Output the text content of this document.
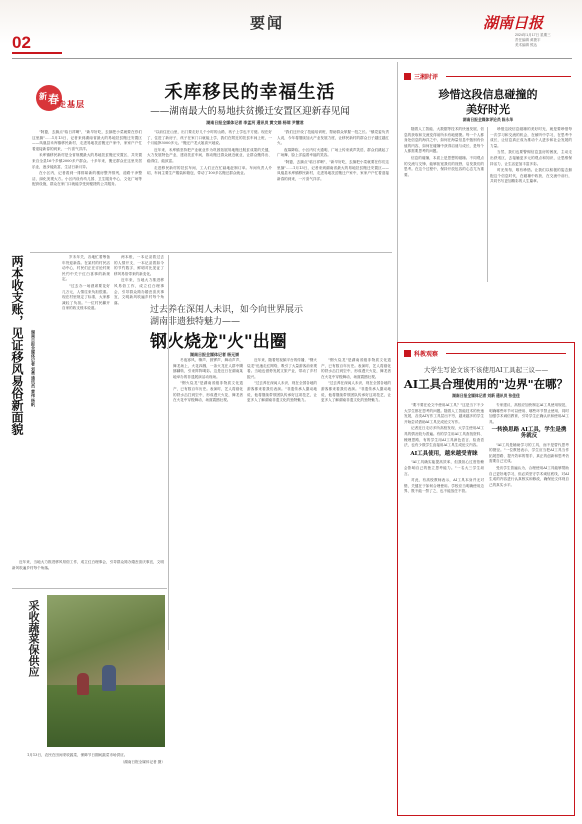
02
要闻	湖南日报
2024年1月17日 星期三
责任编辑 黄捷宇
美术编辑 熊达
新 春 走 基 层
禾库移民的幸福生活
——湖南最大的易地扶贫搬迁安置区迎新春见闻
湖南日报全媒体记者 李孟河 通讯员 黄文娟 杨琼 尹慧君

"阿婆，去摘点"临日祥啊"，"新早好吃，去摘把小菜就要在你们这里摘"......1月13日，记者来到湖南省最大的易地扶贫搬迁安置区——凤凰县禾库镇移民新村，走进易地扶贫搬迁户家中，家家户户忙着迎接新春的到来，一片喜气洋洋。

禾库镇移民新村是全省规模最大的易地扶贫搬迁安置区，共安置来自全县16个乡镇2000多户群众。十多年来，搬迁群众在这里安居乐业，逐步能致富，生活日新月异。

在小区内，记者看到一排排崭新的楼房整齐排列，道路干净整洁，绿化美观大方。小区内设有幼儿园、卫生服务中心、文化广场等配套设施，群众在家门口就能享受到便捷的公共服务。

"以前住在山里，出门要走好几个小时的山路，孩子上学也不方便。现在好了，住进了新房子，孩子在家门口就能上学，我们在附近的扶贫车间上班，一个月能挣3000多元。"搬迁户龙大姐高兴地说。

近年来，禾库镇坚持把产业就业作为巩固拓展易地搬迁脱贫成果的关键，大力发展特色产业，建设扶贫车间，推动搬迁群众就近就业，让群众搬得出、稳得住、能致富。

走进移民新村的扶贫车间，工人们正在忙碌地赶制订单。车间负责人介绍，车间主要生产服装和箱包，带动了100多名搬迁群众就业。

"我们还开设了技能培训班，帮助群众掌握一技之长。"镇党委负责人说，今年将继续加大产业发展力度，让移民新村的群众日子越过越红火。

夜幕降临，小区内灯火通明，广场上传来欢声笑语，群众们跳起了广场舞，脸上洋溢着幸福的笑容。

"阿婆，去摘点"临日祥啊"，"新早好吃，去摘把小菜就要在你们这里摘"......1月13日，记者来到湖南省最大的易地扶贫搬迁安置区——凤凰县禾库镇移民新村，走进易地扶贫搬迁户家中，家家户户忙着迎接新春的到来，一片喜气洋洋。

三湘时评
珍惜这段信息碰撞的
美好时光
湖南日报全媒体评论员 陈永华

随着人工智能、大数据等技术的快速发展，信息的获取和交流变得前所未有地便捷。每一个人都身处信息的海洋之中，如何在海量信息中甄别有价值的内容，如何在碰撞中获得启迪与成长，是每个人都需要思考的问题。

信息的碰撞，本质上是思想的碰撞。不同观点的交流与交锋，能够拓宽我们的视野，启发我们的思考。在这个过程中，保持开放包容的心态尤为重要。

珍惜这段信息碰撞的美好时光，就是要珍惜每一次学习和交流的机会，在倾听中学习，在思考中成长，让信息真正成为推动个人进步和社会发展的力量。

当然，我们也要警惕信息茧房的困扰，主动走出舒适区，去接触更多元的观点和知识，让思维保持活力，让生活更加丰富多彩。

时光匆匆，唯有珍惜。让我们以积极的姿态拥抱这个信息时代，在碰撞中收获，在交流中前行，共同书写更加精彩的人生篇章。

过去养在深闺人未识，如今向世界展示
湖南非遗独特魅力——
钢火烧龙"火"出圈
湖南日报全媒体记者 杨元崇

冬夜寒风，嘶声，鼓锣声，舞动声声，舞龙场上，火花四溅，一条火龙在人群中腾挪翻转，引来阵阵喝彩。这是近日在湖南某地举办的非遗展演活动现场。

"钢火烧龙"是湖南省级非物质文化遗产，已有数百年历史。表演时，艺人将熔化的铁水击打到空中，形成漫天火花，舞龙者在火花中穿梭舞动，场面震撼壮观。

近年来，随着短视频平台的传播，"钢火烧龙"迅速走红网络，吸引了大量游客前来观看。当地也借势发展文旅产业，带动了乡村振兴。

"过去养在深闺人未识，现在全国各地的游客都来看我们表演。"非遗传承人激动地说，他将继续带领团队传承好这项技艺，让更多人了解湖南非遗文化的独特魅力。

"钢火烧龙"是湖南省级非物质文化遗产，已有数百年历史。表演时，艺人将熔化的铁水击打到空中，形成漫天火花，舞龙者在火花中穿梭舞动，场面震撼壮观。

"过去养在深闺人未识，现在全国各地的游客都来看我们表演。"非遗传承人激动地说，他将继续带领团队传承好这项技艺，让更多人了解湖南非遗文化的独特魅力。

两本收支账，见证移风易俗新面貌 湖南日报全媒体记者 刘勇 通讯员 黄伟 杨帆

岁末年关，各地忙着筹备年货迎新春。在某村的村民活动中心，村民们正在讨论村规民约中关于红白喜事的新规定。

"过去办一场酒席要花好几万元，人情往来负担很重。现在村里规定了标准，大家都减轻了负担。"一位村民翻开自家的收支账本说道。

两本账，一本记录着过去的人情开支，一本记录着如今的节约数字，鲜明对比见证了移风易俗带来的新变化。

近年来，当地大力推进移风易俗工作，成立红白理事会，引导群众简办婚丧喜庆事宜，文明新风吹遍乡村每个角落。

近年来，当地大力推进移风易俗工作，成立红白理事会，引导群众简办婚丧喜庆事宜，文明新风吹遍乡村每个角落。

采收蔬菜保供应

1月13日，农民在田间采收蔬菜，保障节日期间蔬菜市场供应。

（湖南日报全媒体记者 摄）

科教观察
大学生写论文该不该使用AI工具起三议——
AI工具合理使用的"边界"在哪？
湖南日报全媒体记者 刘新 通讯员 张佳佳

"要不要在论文中使用AI工具？"这是当下不少大学生都在思考的问题。随着人工智能技术的快速发展，各类AI写作工具层出不穷，越来越多的学生开始尝试借助AI工具完成论文写作。

记者近日走访多所高校发现，大学生使用AI工具的情况较为普遍。有的学生用AI工具查找资料、梳理思路，有的学生用AI工具润色语言、检查语法，也有少数学生直接用AI工具生成论文内容。

AI工具使用，越来越受青睐

"AI工具确实能提高效率，但我担心过度依赖会影响自己的独立思考能力。"一名大三学生坦言。

对此，有高校教师表示，AI工具本身并无对错，关键在于如何合理使用。学校应当明确使用边界，既不能一禁了之，也不能放任不管。

专家建议，高校应加快制定AI工具使用规范，明确哪些环节可以使用、哪些环节禁止使用，同时加强学术诚信教育，引导学生正确认识和使用AI工具。

一转换思路 AI工具，学生是携务就反

"AI工具是辅助学习的工具，而不是替代思考的捷径。"一位教授表示，学生应当把AI工具当作拓展思路、提升效率的帮手，真正的创新和思考仍需要自己完成。

受访学生普遍认为，合理使用AI工具能够帮助自己更好地学习，但必须坚守学术诚信底线，对AI生成的内容进行认真核实和修改，确保论文体现自己的真实水平。
